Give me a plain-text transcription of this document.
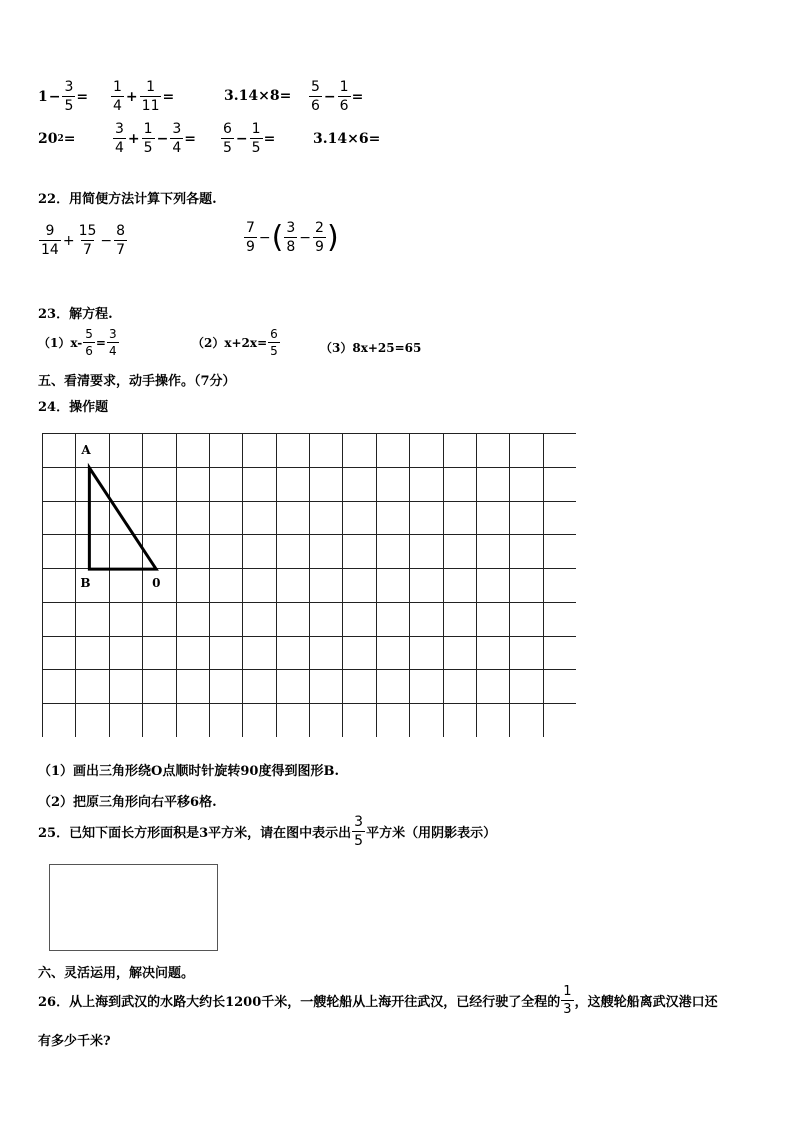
$1 - \frac{3}{5} = \frac{1}{4} + \frac{1}{11}$ =	$3.14\times 8= \frac{5}{6} - \frac{1}{6}$ =
20 2 =	$\frac{3}{4} + \frac{1}{5} - \frac{3}{4} = \frac{6}{5} - \frac{1}{5}$ =	3.14×6=
22．用简便方法计算下列各题.
$\frac{9}{14} + \frac{15}{7} - \frac{8}{7}$	$\frac{7}{9}$ − ( $\frac{3}{8} - \frac{2}{9}$ )
23．解方程.
$(1)x- \frac{5}{6} = \frac{3}{4}$	$(2)x+2x= \frac{6}{5}$	（3）8x+25=65
五、看清要求，动手操作。（7分）
24．操作题
A
B	0
（1）画出三角形绕O点顺时针旋转90度得到图形B.
（2）把原三角形向右平移6格.
25．已知下面长方形面积是3平方米，请在图中表示出 $\frac{3}{5}$ 平方米（用阴影表示）
六、灵活运用，解决问题。
26．从上海到武汉的水路大约长1200千米，一艘轮船从上海开往武汉，已经行驶了全程的 $\frac{1}{3}$ ，这艘轮船离武汉港口还
有多少千米?
